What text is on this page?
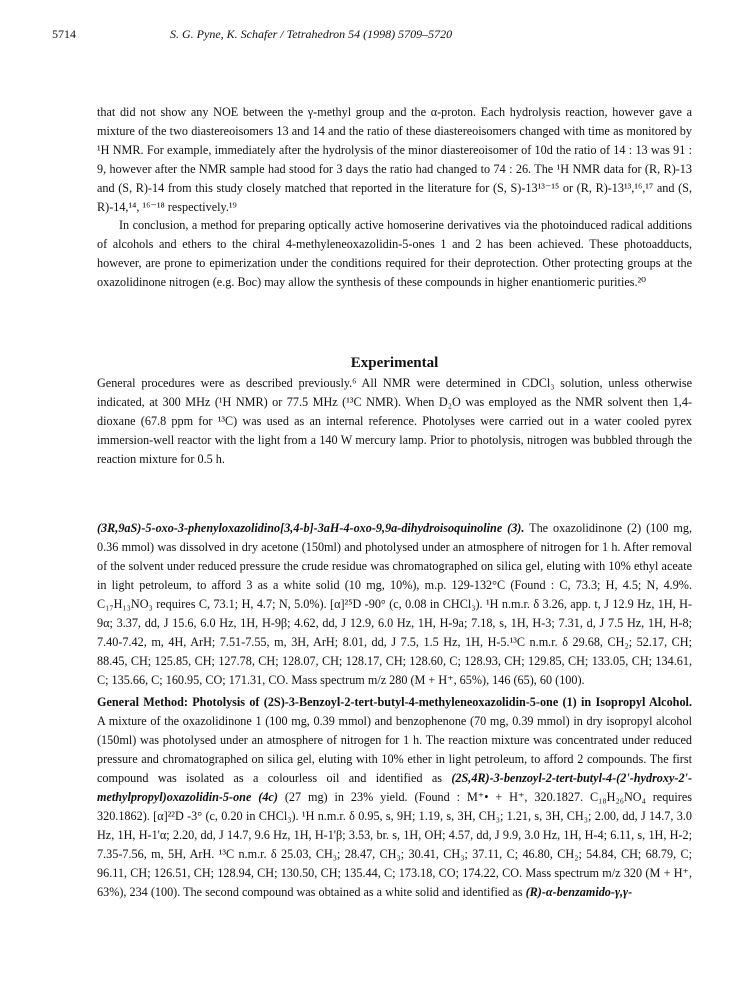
5714	S. G. Pyne, K. Schafer / Tetrahedron 54 (1998) 5709–5720

that did not show any NOE between the γ-methyl group and the α-proton. Each hydrolysis reaction, however gave a mixture of the two diastereoisomers 13 and 14 and the ratio of these diastereoisomers changed with time as monitored by ¹H NMR. For example, immediately after the hydrolysis of the minor diastereoisomer of 10d the ratio of 14 : 13 was 91 : 9, however after the NMR sample had stood for 3 days the ratio had changed to 74 : 26. The ¹H NMR data for (R, R)-13 and (S, R)-14 from this study closely matched that reported in the literature for (S, S)-13¹³⁻¹⁵ or (R, R)-13¹³,¹⁶,¹⁷ and (S, R)-14,¹⁴, ¹⁶⁻¹⁸ respectively.¹⁹

In conclusion, a method for preparing optically active homoserine derivatives via the photoinduced radical additions of alcohols and ethers to the chiral 4-methyleneoxazolidin-5-ones 1 and 2 has been achieved. These photoadducts, however, are prone to epimerization under the conditions required for their deprotection. Other protecting groups at the oxazolidinone nitrogen (e.g. Boc) may allow the synthesis of these compounds in higher enantiomeric purities.²⁰

Experimental

General procedures were as described previously.⁶ All NMR were determined in CDCl₃ solution, unless otherwise indicated, at 300 MHz (¹H NMR) or 77.5 MHz (¹³C NMR). When D₂O was employed as the NMR solvent then 1,4-dioxane (67.8 ppm for ¹³C) was used as an internal reference. Photolyses were carried out in a water cooled pyrex immersion-well reactor with the light from a 140 W mercury lamp. Prior to photolysis, nitrogen was bubbled through the reaction mixture for 0.5 h.

(3R,9aS)-5-oxo-3-phenyloxazolidino[3,4-b]-3aH-4-oxo-9,9a-dihydroisoquinoline (3). The oxazolidinone (2) (100 mg, 0.36 mmol) was dissolved in dry acetone (150ml) and photolysed under an atmosphere of nitrogen for 1 h. After removal of the solvent under reduced pressure the crude residue was chromatographed on silica gel, eluting with 10% ethyl aceate in light petroleum, to afford 3 as a white solid (10 mg, 10%), m.p. 129-132°C (Found : C, 73.3; H, 4.5; N, 4.9%. C₁₇H₁₃NO₃ requires C, 73.1; H, 4.7; N, 5.0%). [α]²⁵D -90° (c, 0.08 in CHCl₃). ¹H n.m.r. δ 3.26, app. t, J 12.9 Hz, 1H, H-9α; 3.37, dd, J 15.6, 6.0 Hz, 1H, H-9β; 4.62, dd, J 12.9, 6.0 Hz, 1H, H-9a; 7.18, s, 1H, H-3; 7.31, d, J 7.5 Hz, 1H, H-8; 7.40-7.42, m, 4H, ArH; 7.51-7.55, m, 3H, ArH; 8.01, dd, J 7.5, 1.5 Hz, 1H, H-5.¹³C n.m.r. δ 29.68, CH₂; 52.17, CH; 88.45, CH; 125.85, CH; 127.78, CH; 128.07, CH; 128.17, CH; 128.60, C; 128.93, CH; 129.85, CH; 133.05, CH; 134.61, C; 135.66, C; 160.95, CO; 171.31, CO. Mass spectrum m/z 280 (M + H⁺, 65%), 146 (65), 60 (100).

General Method: Photolysis of (2S)-3-Benzoyl-2-tert-butyl-4-methyleneoxazolidin-5-one (1) in Isopropyl Alcohol. A mixture of the oxazolidinone 1 (100 mg, 0.39 mmol) and benzophenone (70 mg, 0.39 mmol) in dry isopropyl alcohol (150ml) was photolysed under an atmosphere of nitrogen for 1 h. The reaction mixture was concentrated under reduced pressure and chromatographed on silica gel, eluting with 10% ether in light petroleum, to afford 2 compounds. The first compound was isolated as a colourless oil and identified as (2S,4R)-3-benzoyl-2-tert-butyl-4-(2'-hydroxy-2'-methylpropyl)oxazolidin-5-one (4c) (27 mg) in 23% yield. (Found : M⁺• + H⁺, 320.1827. C₁₈H₂₆NO₄ requires 320.1862). [α]²²D -3° (c, 0.20 in CHCl₃). ¹H n.m.r. δ 0.95, s, 9H; 1.19, s, 3H, CH₃; 1.21, s, 3H, CH₃; 2.00, dd, J 14.7, 3.0 Hz, 1H, H-1'α; 2.20, dd, J 14.7, 9.6 Hz, 1H, H-1'β; 3.53, br. s, 1H, OH; 4.57, dd, J 9.9, 3.0 Hz, 1H, H-4; 6.11, s, 1H, H-2; 7.35-7.56, m, 5H, ArH. ¹³C n.m.r. δ 25.03, CH₃; 28.47, CH₃; 30.41, CH₃; 37.11, C; 46.80, CH₂; 54.84, CH; 68.79, C; 96.11, CH; 126.51, CH; 128.94, CH; 130.50, CH; 135.44, C; 173.18, CO; 174.22, CO. Mass spectrum m/z 320 (M + H⁺, 63%), 234 (100). The second compound was obtained as a white solid and identified as (R)-α-benzamido-γ,γ-
